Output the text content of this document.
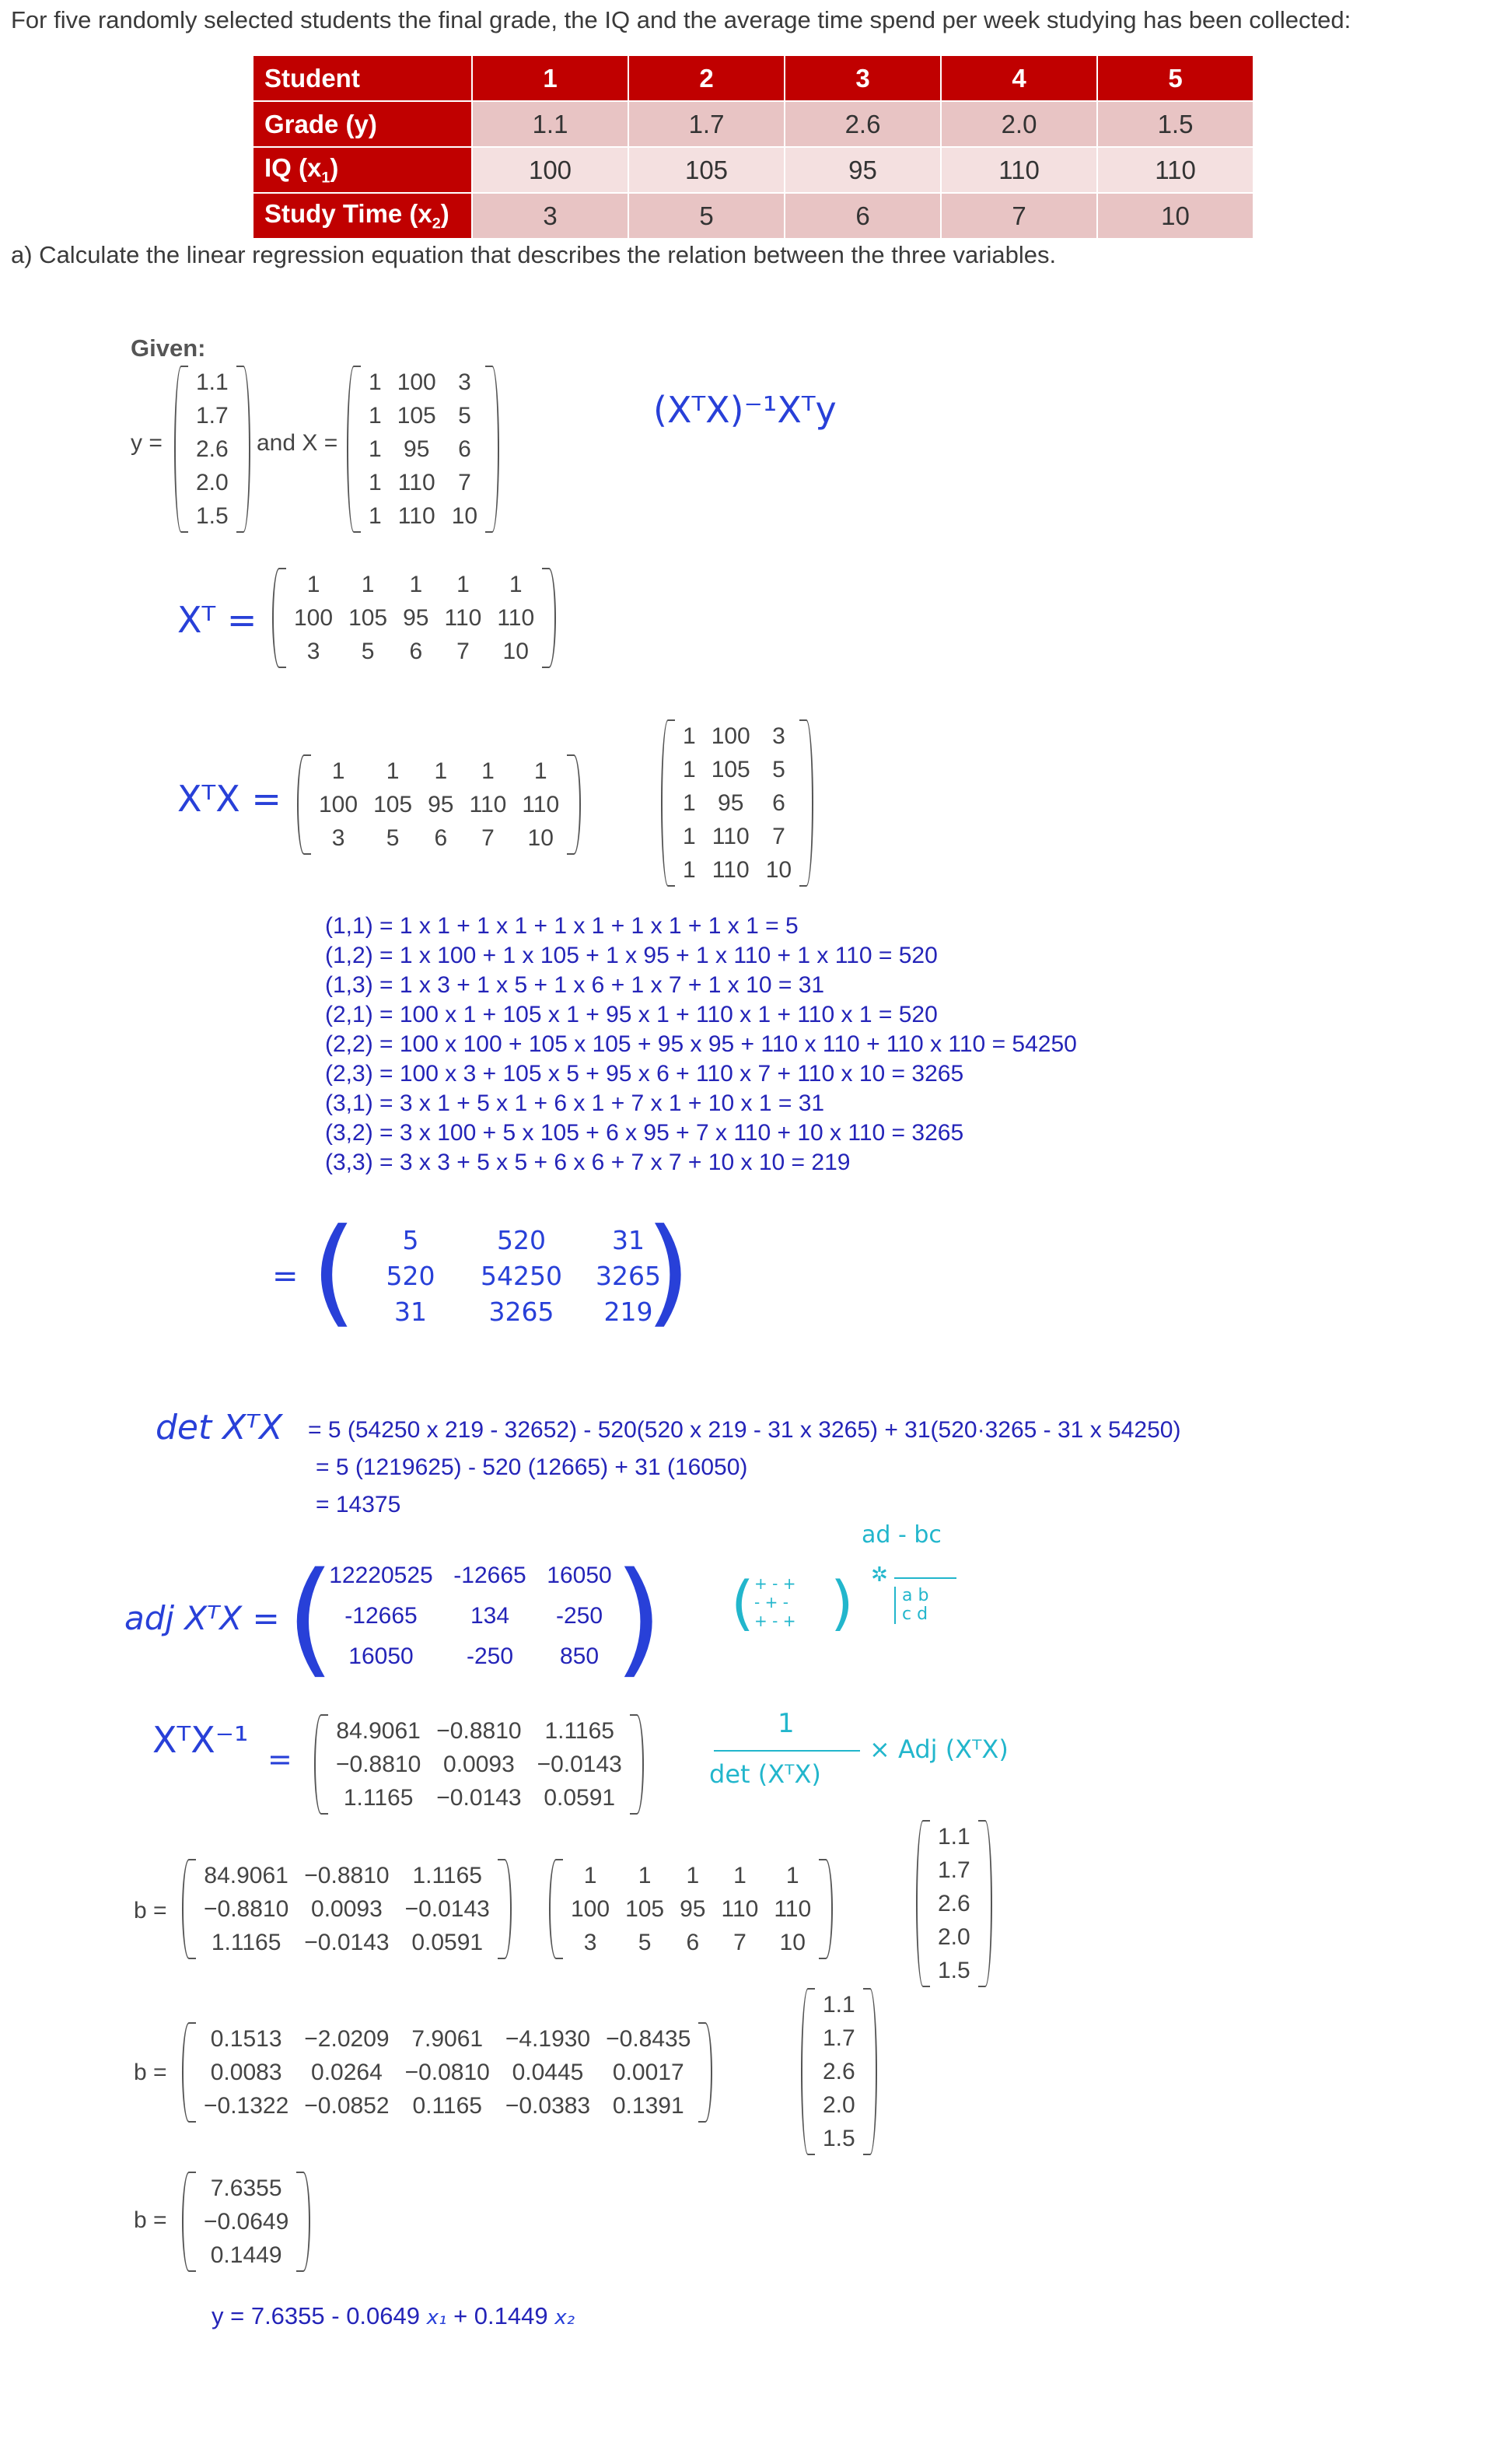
For five randomly selected students the final grade, the IQ and the average time spend per week studying has been collected:
Student	1	2	3	4	5
Grade (y)	1.1	1.7	2.6	2.0	1.5
IQ $(x_1)$	100	105	95	110	110
Study Time $(x_2)$	3	5	6	7	10
a) Calculate the linear regression equation that describes the relation between the three variables.
Given:
y =
1.1
1.7
2.6
2.0
1.5
and X =
1 100 3
1 105 5
1 95	6
1 110 7
1 110 10
(XᵀX)⁻¹Xᵀy
Xᵀ =
1	1	1	1	1
100 105 95 110 110
3	5	6	7	10
XᵀX =
1	1	1	1	1
100 105 95 110 110
3	5	6	7	10
1 100 3
1 105 5
1 95	6
1 110 7
1 110 10
(1,1) = 1 x 1 + 1 x 1 + 1 x 1 + 1 x 1 + 1 x 1 = 5
(1,2) = 1 x 100 + 1 x 105 + 1 x 95 + 1 x 110 + 1 x 110 = 520
(1,3) = 1 x 3 + 1 x 5 + 1 x 6 + 1 x 7 + 1 x 10 = 31
(2,1) = 100 x 1 + 105 x 1 + 95 x 1 + 110 x 1 + 110 x 1 = 520
(2,2) = 100 x 100 + 105 x 105 + 95 x 95 + 110 x 110 + 110 x 110 = 54250
(2,3) = 100 x 3 + 105 x 5 + 95 x 6 + 110 x 7 + 110 x 10 = 3265
(3,1) = 3 x 1 + 5 x 1 + 6 x 1 + 7 x 1 + 10 x 1 = 31
(3,2) = 3 x 100 + 5 x 105 + 6 x 95 + 7 x 110 + 10 x 110 = 3265
(3,3) = 3 x 3 + 5 x 5 + 6 x 6 + 7 x 7 + 10 x 10 = 219
= (	5	520	31
520	54250	3265
31	3265	219
)
det XᵀX = 5 (54250 x 219 - 32652) - 520(520 x 219 - 31 x 3265) + 31(520·3265 - 31 x 54250)
= 5 (1219625) - 520 (12665) + 31 (16050)
= 14375
adj XᵀX = (
12220525 -12665 16050
-12665	134	-250
16050	-250	850 ) ( + - +
- + -
+ - + )
ad - bc
✲
a b
c d
XᵀX⁻¹ =
84.9061 −0.8810 1.1165
−0.8810 0.0093 −0.0143
1.1165 −0.0143 0.0591
1
det (XᵀX)
× Adj (XᵀX)
b =
84.9061 −0.8810 1.1165
−0.8810 0.0093 −0.0143
1.1165 −0.0143 0.0591
1	1	1	1	1
100 105 95 110 110
3	5	6	7	10
1.1
1.7
2.6
2.0
1.5
b =
0.1513 −2.0209 7.9061 −4.1930 −0.8435
0.0083	0.0264 −0.0810 0.0445	0.0017
−0.1322 −0.0852 0.1165 −0.0383 0.1391
1.1
1.7
2.6
2.0
1.5
b =
7.6355
−0.0649
0.1449
y = 7.6355 - 0.0649 x₁ + 0.1449 x₂
